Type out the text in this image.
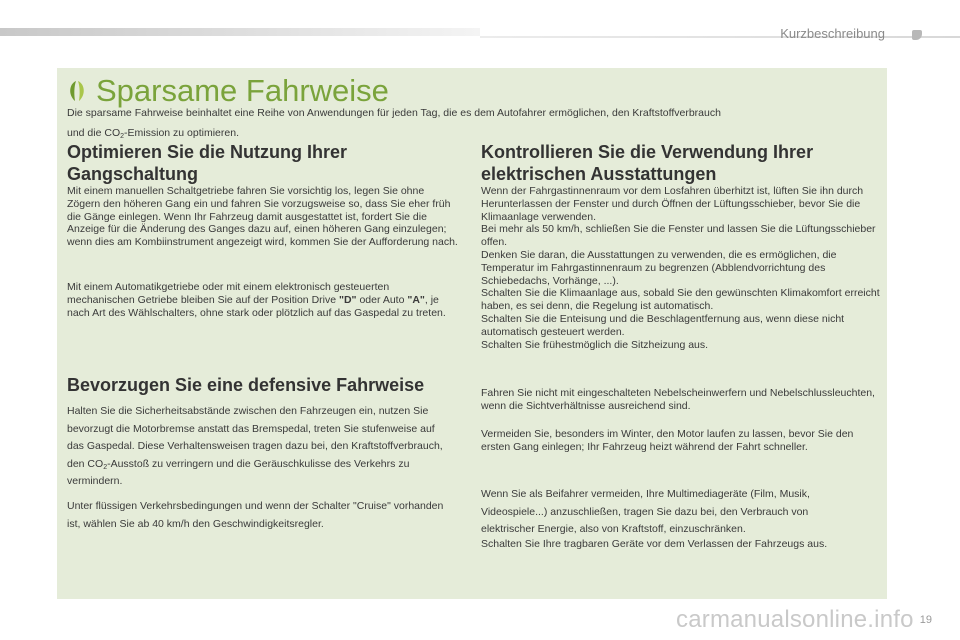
Kurzbeschreibung
Sparsame Fahrweise
Die sparsame Fahrweise beinhaltet eine Reihe von Anwendungen für jeden Tag, die es dem Autofahrer ermöglichen, den Kraftstoffverbrauch
und die $CO_2$-Emission zu optimieren.
Optimieren Sie die Nutzung Ihrer Gangschaltung
Mit einem manuellen Schaltgetriebe fahren Sie vorsichtig los, legen Sie ohne Zögern den höheren Gang ein und fahren Sie vorzugsweise so, dass Sie eher früh die Gänge einlegen. Wenn Ihr Fahrzeug damit ausgestattet ist, fordert Sie die Anzeige für die Änderung des Ganges dazu auf, einen höheren Gang einzulegen; wenn dies am Kombiinstrument angezeigt wird, kommen Sie der Aufforderung nach.
Mit einem Automatikgetriebe oder mit einem elektronisch gesteuerten mechanischen Getriebe bleiben Sie auf der Position Drive "D" oder Auto "A", je nach Art des Wählschalters, ohne stark oder plötzlich auf das Gaspedal zu treten.
Bevorzugen Sie eine defensive Fahrweise
Halten Sie die Sicherheitsabstände zwischen den Fahrzeugen ein, nutzen Sie bevorzugt die Motorbremse anstatt das Bremspedal, treten Sie stufenweise auf das Gaspedal. Diese Verhaltensweisen tragen dazu bei, den Kraftstoffverbrauch, den $CO_2$-Ausstoß zu verringern und die Geräuschkulisse des Verkehrs zu vermindern.
Unter flüssigen Verkehrsbedingungen und wenn der Schalter "Cruise" vorhanden ist, wählen Sie ab 40 km/h den Geschwindigkeitsregler.
Kontrollieren Sie die Verwendung Ihrer elektrischen Ausstattungen
Wenn der Fahrgastinnenraum vor dem Losfahren überhitzt ist, lüften Sie ihn durch Herunterlassen der Fenster und durch Öffnen der Lüftungsschieber, bevor Sie die Klimaanlage verwenden.
Bei mehr als 50 km/h, schließen Sie die Fenster und lassen Sie die Lüftungsschieber offen.
Denken Sie daran, die Ausstattungen zu verwenden, die es ermöglichen, die Temperatur im Fahrgastinnenraum zu begrenzen (Abblendvorrichtung des Schiebedachs, Vorhänge, ...).
Schalten Sie die Klimaanlage aus, sobald Sie den gewünschten Klimakomfort erreicht haben, es sei denn, die Regelung ist automatisch.
Schalten Sie die Enteisung und die Beschlagentfernung aus, wenn diese nicht automatisch gesteuert werden.
Schalten Sie frühestmöglich die Sitzheizung aus.
Fahren Sie nicht mit eingeschalteten Nebelscheinwerfern und Nebelschlussleuchten, wenn die Sichtverhältnisse ausreichend sind.
Vermeiden Sie, besonders im Winter, den Motor laufen zu lassen, bevor Sie den ersten Gang einlegen; Ihr Fahrzeug heizt während der Fahrt schneller.
Wenn Sie als Beifahrer vermeiden, Ihre Multimediageräte (Film, Musik, Videospiele...) anzuschließen, tragen Sie dazu bei, den Verbrauch von elektrischer Energie, also von Kraftstoff, einzuschränken.
Schalten Sie Ihre tragbaren Geräte vor dem Verlassen der Fahrzeugs aus.
carmanualsonline.info 19
